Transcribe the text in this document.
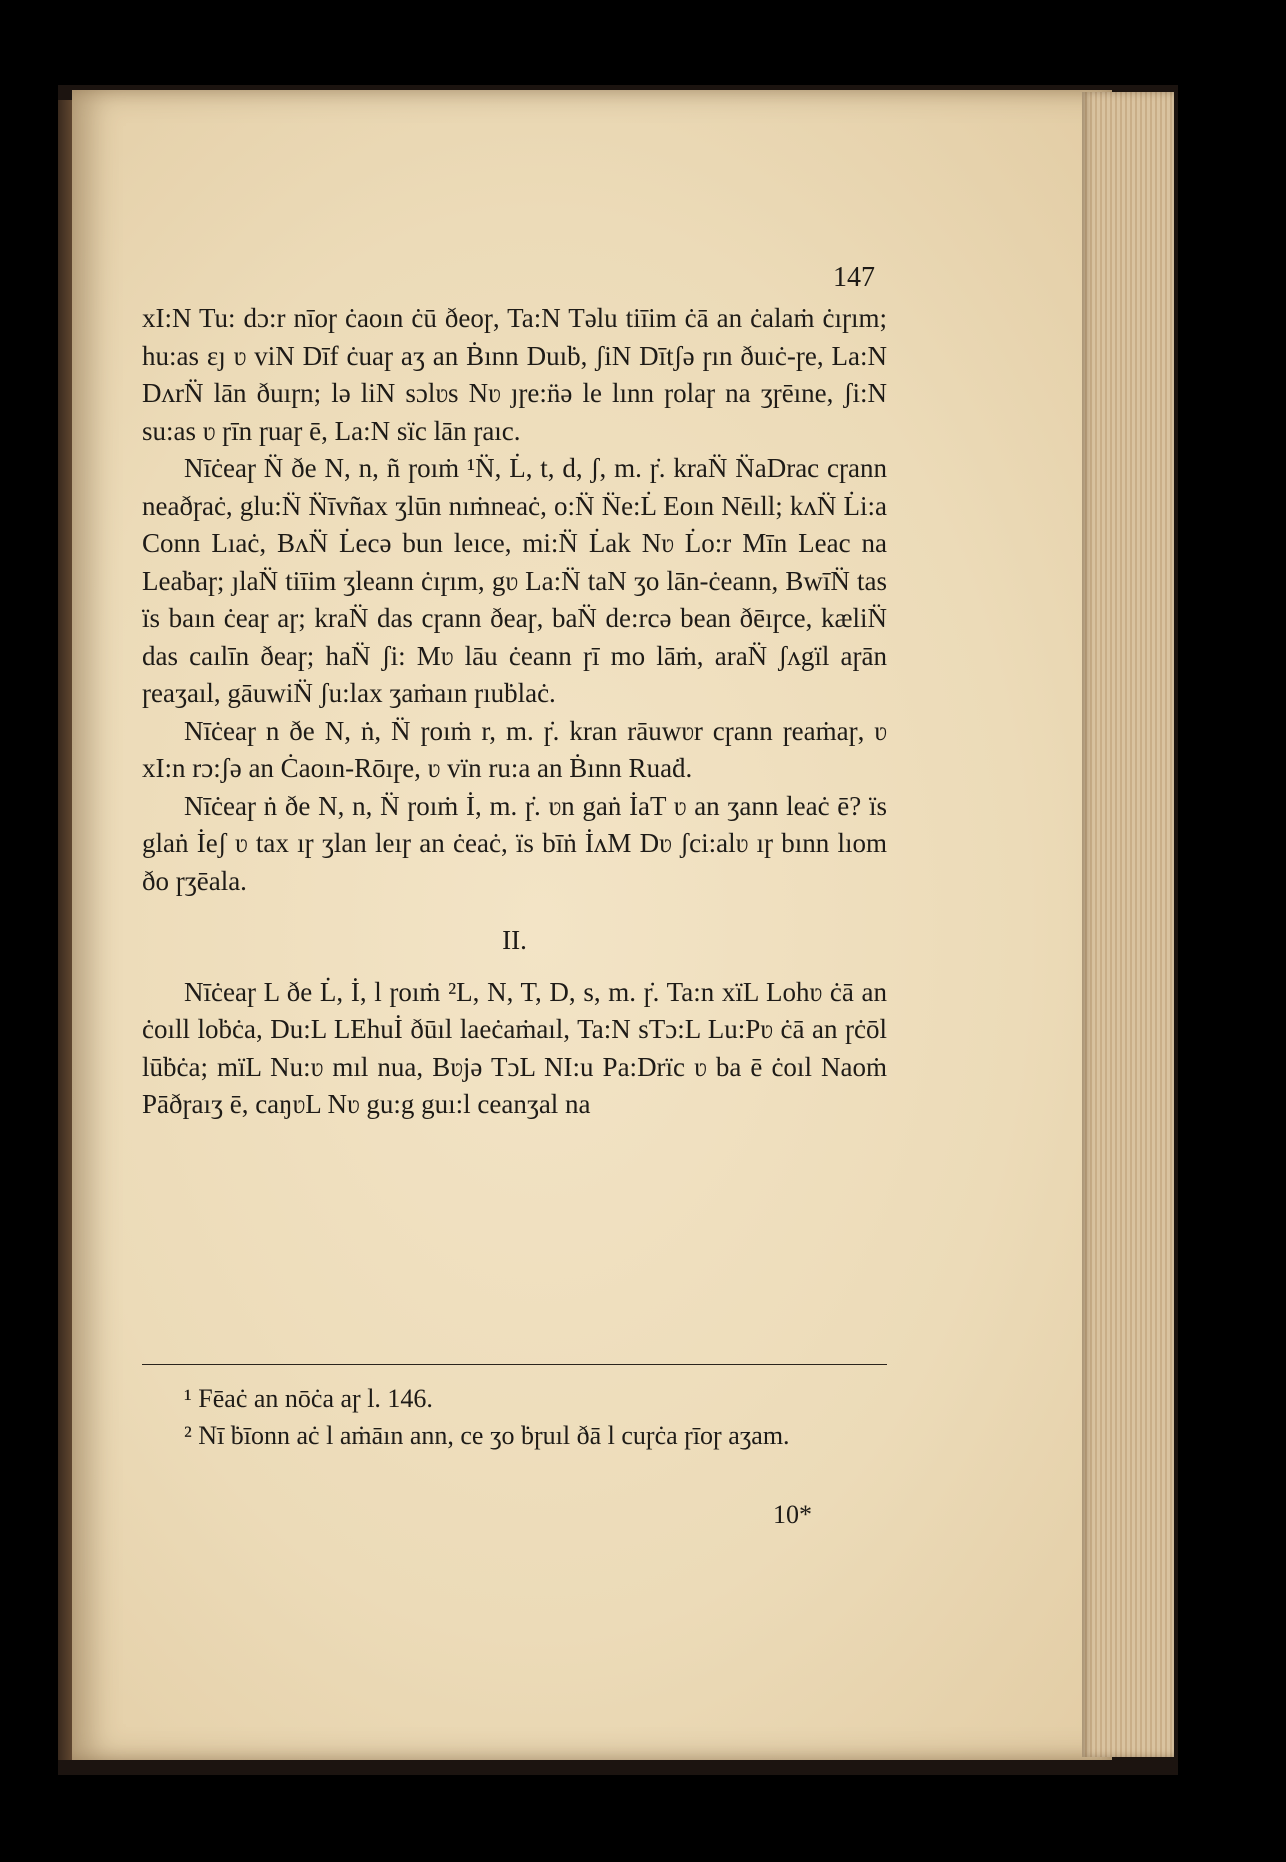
147

xI:N Tu: dɔ:r nīoɼ ċaoın ċū ðeoɼ, Ta:N Təlu tiīim ċā an ċalaṁ ċıɼım; hu:as ɛȷ ʋ viN Dīf ċuaɼ aʒ an Ḃınn Duıḃ, ʃiN Dītʃə ɼın ðuıċ-ɼe, La:N DʌrN̈ lān ðuıɼn; lə liN sɔlʋs Nʋ ȷɼe:n̈ə le lınn ɼolaɼ na ʒɼēıne, ʃi:N su:as ʋ ɼīn ɼuaɼ ē, La:N sïc lān ɼaıc.

Nīċeaɼ N̈ ðe N, n, ñ ɼoıṁ ¹N̈, L̇, t, d, ʃ, m. ɼ̇. kraN̈ N̈aDrac cɼann neaðɼaċ, glu:N̈ N̈īvñax ʒlūn nıṁneaċ, o:N̈ N̈e:L̇ Eoın Nēıll; kʌN̈ L̇i:a Conn Lıaċ, BʌN̈ L̇ecə bun leıce, mi:N̈ L̇ak Nʋ L̇o:r Mīn Leac na Leaḃaɼ; ȷlaN̈ tiīim ʒleann ċıɼım, gʋ La:N̈ taN ʒo lān-ċeann, BwīN̈ tas ïs baın ċeaɼ aɼ; kraN̈ das cɼann ðeaɼ, baN̈ de:rcə bean ðēıɼce, kæliN̈ das caılīn ðeaɼ; haN̈ ʃi: Mʋ lāu ċeann ɼī mo lāṁ, araN̈ ʃʌgïl aɼān ɼeaʒaıl, gāuwiN̈ ʃu:lax ʒaṁaın ɼıuḃlaċ.

Nīċeaɼ n ðe N, ṅ, N̈ ɼoıṁ r, m. ɼ̇. kran rāuwʋr cɼann ɼeaṁaɼ, ʋ xI:n rɔ:ʃə an Ċaoın-Rōıɼe, ʋ vïn ru:a an Ḃınn Ruaḋ.

Nīċeaɼ ṅ ðe N, n, N̈ ɼoıṁ İ, m. ɼ̇. ʋn gaṅ İaT ʋ an ʒann leaċ ē? ïs glaṅ İeʃ ʋ tax ıɼ ʒlan leıɼ an ċeaċ, ïs bīṅ İʌM Dʋ ʃci:alʋ ıɼ bınn lıom ðo ɼʒēala.

II.

Nīċeaɼ L ðe L̇, İ, l ɼoıṁ ²L, N, T, D, s, m. ɼ̇. Ta:n xïL Lohʋ ċā an ċoıll loḃċa, Du:L LEhuİ ðūıl laeċaṁaıl, Ta:N sTɔ:L Lu:Pʋ ċā an ɼċōl lūḃċa; mïL Nu:ʋ mıl nua, Bʋjə TɔL NI:u Pa:Drïc ʋ ba ē ċoıl Naoṁ Pāðɼaıʒ ē, caŋʋL Nʋ gu:g guı:l ceanʒal na

¹ Fēaċ an nōċa aɼ l. 146.

² Nī ḃīonn aċ l aṁāın ann, ce ʒo ḃɼuıl ðā l cuɼċa ɼīoɼ aʒam.

10*
